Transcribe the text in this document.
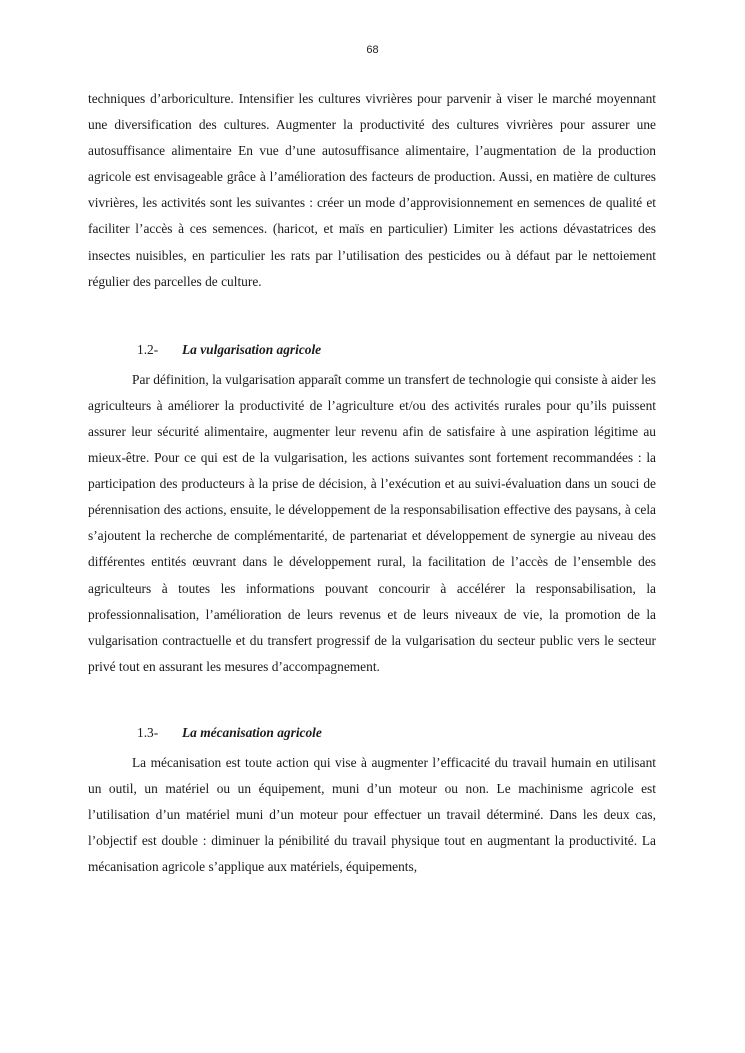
68

techniques d’arboriculture. Intensifier les cultures vivrières pour parvenir à viser le marché moyennant une diversification des cultures. Augmenter la productivité des cultures vivrières pour assurer une autosuffisance alimentaire En vue d’une autosuffisance alimentaire, l’augmentation de la production agricole est envisageable grâce à l’amélioration des facteurs de production. Aussi, en matière de cultures vivrières, les activités sont les suivantes : créer un mode d’approvisionnement en semences de qualité et faciliter l’accès à ces semences. (haricot, et maïs en particulier) Limiter les actions dévastatrices des insectes nuisibles, en particulier les rats par l’utilisation des pesticides ou à défaut par le nettoiement régulier des parcelles de culture.

1.2- La vulgarisation agricole

Par définition, la vulgarisation apparaît comme un transfert de technologie qui consiste à aider les agriculteurs à améliorer la productivité de l’agriculture et/ou des activités rurales pour qu’ils puissent assurer leur sécurité alimentaire, augmenter leur revenu afin de satisfaire à une aspiration légitime au mieux-être. Pour ce qui est de la vulgarisation, les actions suivantes sont fortement recommandées : la participation des producteurs à la prise de décision, à l’exécution et au suivi-évaluation dans un souci de pérennisation des actions, ensuite, le développement de la responsabilisation effective des paysans, à cela s’ajoutent la recherche de complémentarité, de partenariat et développement de synergie au niveau des différentes entités œuvrant dans le développement rural, la facilitation de l’accès de l’ensemble des agriculteurs à toutes les informations pouvant concourir à accélérer la responsabilisation, la professionnalisation, l’amélioration de leurs revenus et de leurs niveaux de vie, la promotion de la vulgarisation contractuelle et du transfert progressif de la vulgarisation du secteur public vers le secteur privé tout en assurant les mesures d’accompagnement.

1.3- La mécanisation agricole

La mécanisation est toute action qui vise à augmenter l’efficacité du travail humain en utilisant un outil, un matériel ou un équipement, muni d’un moteur ou non. Le machinisme agricole est l’utilisation d’un matériel muni d’un moteur pour effectuer un travail déterminé. Dans les deux cas, l’objectif est double : diminuer la pénibilité du travail physique tout en augmentant la productivité. La mécanisation agricole s’applique aux matériels, équipements,
